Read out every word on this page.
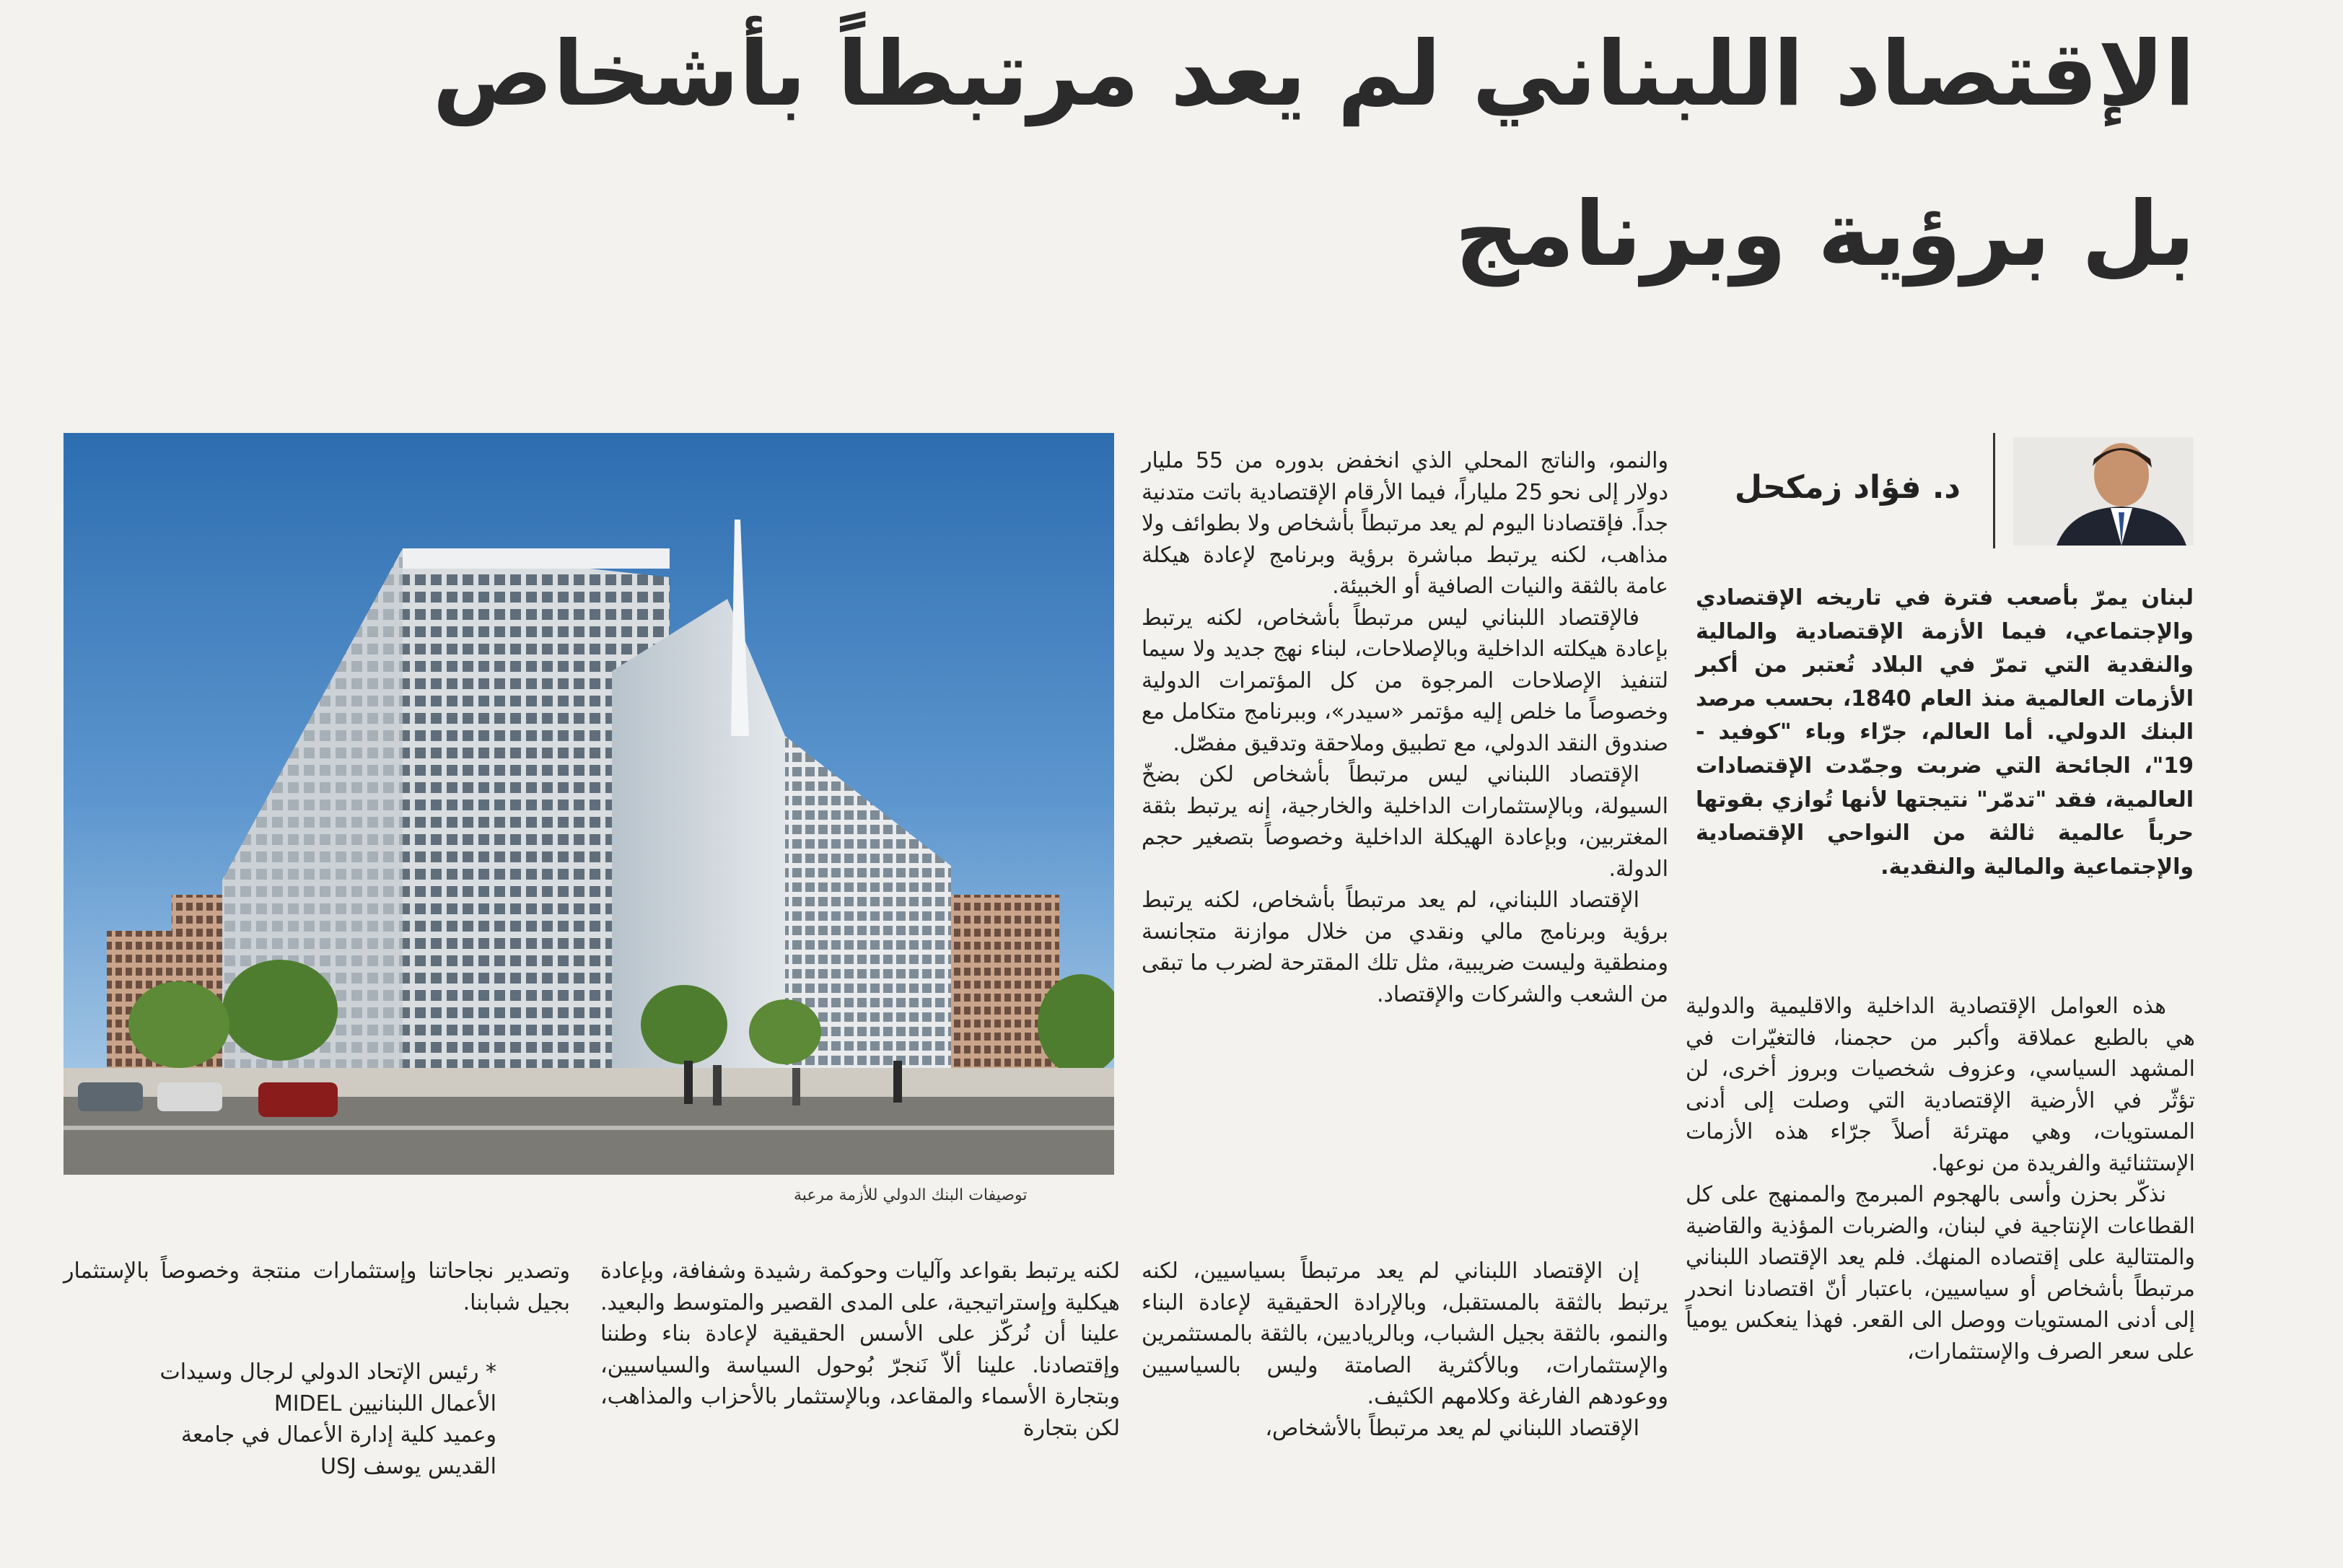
الإقتصاد اللبناني لم يعد مرتبطاً بأشخاص
بل برؤية وبرنامج
د. فؤاد زمكحل
لبنان يمرّ بأصعب فترة في تاريخه الإقتصادي والإجتماعي، فيما الأزمة الإقتصادية والمالية والنقدية التي تمرّ في البلاد تُعتبر من أكبر الأزمات العالمية منذ العام 1840، بحسب مرصد البنك الدولي. أما العالم، جرّاء وباء "كوفيد - 19"، الجائحة التي ضربت وجمّدت الإقتصادات العالمية، فقد "تدمّر" نتيجتها لأنها تُوازي بقوتها حرباً عالمية ثالثة من النواحي الإقتصادية والإجتماعية والمالية والنقدية.

هذه العوامل الإقتصادية الداخلية والاقليمية والدولية هي بالطبع عملاقة وأكبر من حجمنا، فالتغيّرات في المشهد السياسي، وعزوف شخصيات وبروز أخرى، لن تؤثّر في الأرضية الإقتصادية التي وصلت إلى أدنى المستويات، وهي مهترئة أصلاً جرّاء هذه الأزمات الإستثنائية والفريدة من نوعها.

نذكّر بحزن وأسى بالهجوم المبرمج والممنهج على كل القطاعات الإنتاجية في لبنان، والضربات المؤذية والقاضية والمتتالية على إقتصاده المنهك. فلم يعد الإقتصاد اللبناني مرتبطاً بأشخاص أو سياسيين، باعتبار أنّ اقتصادنا انحدر إلى أدنى المستويات ووصل الى القعر. فهذا ينعكس يومياً على سعر الصرف والإستثمارات،

والنمو، والناتج المحلي الذي انخفض بدوره من 55 مليار دولار إلى نحو 25 ملياراً، فيما الأرقام الإقتصادية باتت متدنية جداً. فإقتصادنا اليوم لم يعد مرتبطاً بأشخاص ولا بطوائف ولا مذاهب، لكنه يرتبط مباشرة برؤية وبرنامج لإعادة هيكلة عامة بالثقة والنيات الصافية أو الخبيئة.

فالإقتصاد اللبناني ليس مرتبطاً بأشخاص، لكنه يرتبط بإعادة هيكلته الداخلية وبالإصلاحات، لبناء نهج جديد ولا سيما لتنفيذ الإصلاحات المرجوة من كل المؤتمرات الدولية وخصوصاً ما خلص إليه مؤتمر «سيدر»، وببرنامج متكامل مع صندوق النقد الدولي، مع تطبيق وملاحقة وتدقيق مفصّل.

الإقتصاد اللبناني ليس مرتبطاً بأشخاص لكن بضخّ السيولة، وبالإستثمارات الداخلية والخارجية، إنه يرتبط بثقة المغتربين، وبإعادة الهيكلة الداخلية وخصوصاً بتصغير حجم الدولة.

الإقتصاد اللبناني، لم يعد مرتبطاً بأشخاص، لكنه يرتبط برؤية وبرنامج مالي ونقدي من خلال موازنة متجانسة ومنطقية وليست ضريبية، مثل تلك المقترحة لضرب ما تبقى من الشعب والشركات والإقتصاد.

إن الإقتصاد اللبناني لم يعد مرتبطاً بسياسيين، لكنه يرتبط بالثقة بالمستقبل، وبالإرادة الحقيقية لإعادة البناء والنمو، بالثقة بجيل الشباب، وبالرياديين، بالثقة بالمستثمرين والإستثمارات، وبالأكثرية الصامتة وليس بالسياسيين ووعودهم الفارغة وكلامهم الكثيف.

الإقتصاد اللبناني لم يعد مرتبطاً بالأشخاص،

لكنه يرتبط بقواعد وآليات وحوكمة رشيدة وشفافة، وبإعادة هيكلية وإستراتيجية، على المدى القصير والمتوسط والبعيد. علينا أن نُركّز على الأسس الحقيقية لإعادة بناء وطننا وإقتصادنا. علينا ألاّ نَنجرّ بُوحول السياسة والسياسيين، وبتجارة الأسماء والمقاعد، وبالإستثمار بالأحزاب والمذاهب، لكن بتجارة
وتصدير نجاحاتنا وإستثمارات منتجة وخصوصاً بالإستثمار بجيل شبابنا.

* رئيس الإتحاد الدولي لرجال وسيدات

الأعمال اللبنانيين MIDEL

وعميد كلية إدارة الأعمال في جامعة

القديس يوسف USJ

توصيفات البنك الدولي للأزمة مرعبة
